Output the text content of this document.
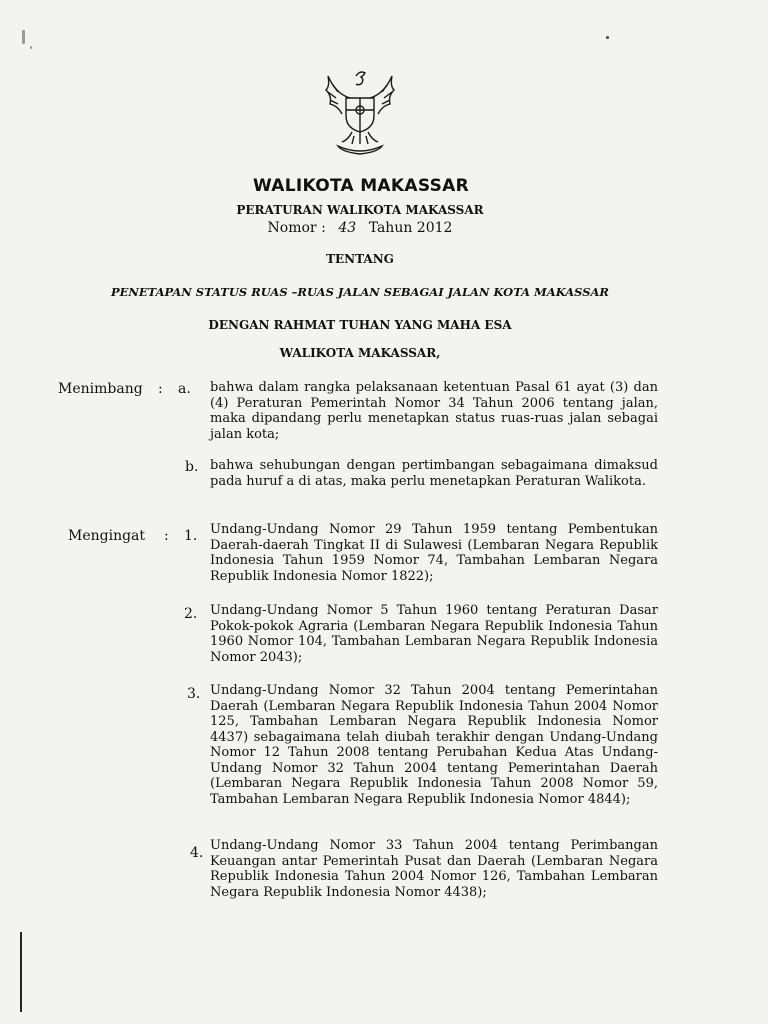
WALIKOTA MAKASSAR
PERATURAN WALIKOTA MAKASSAR
Nomor : 43 Tahun 2012
TENTANG
PENETAPAN STATUS RUAS –RUAS JALAN SEBAGAI JALAN KOTA MAKASSAR
DENGAN RAHMAT TUHAN YANG MAHA ESA
WALIKOTA MAKASSAR,
Menimbang : a. bahwa dalam rangka pelaksanaan ketentuan Pasal 61 ayat (3) dan (4) Peraturan Pemerintah Nomor 34 Tahun 2006 tentang jalan, maka dipandang perlu menetapkan status ruas-ruas jalan sebagai jalan kota;
b. bahwa sehubungan dengan pertimbangan sebagaimana dimaksud pada huruf a di atas, maka perlu menetapkan Peraturan Walikota.
Mengingat : 1. Undang-Undang Nomor 29 Tahun 1959 tentang Pembentukan Daerah-daerah Tingkat II di Sulawesi (Lembaran Negara Republik Indonesia Tahun 1959 Nomor 74, Tambahan Lembaran Negara Republik Indonesia Nomor 1822);
2. Undang-Undang Nomor 5 Tahun 1960 tentang Peraturan Dasar Pokok-pokok Agraria (Lembaran Negara Republik Indonesia Tahun 1960 Nomor 104, Tambahan Lembaran Negara Republik Indonesia Nomor 2043);
3. Undang-Undang Nomor 32 Tahun 2004 tentang Pemerintahan Daerah (Lembaran Negara Republik Indonesia Tahun 2004 Nomor 125, Tambahan Lembaran Negara Republik Indonesia Nomor 4437) sebagaimana telah diubah terakhir dengan Undang-Undang Nomor 12 Tahun 2008 tentang Perubahan Kedua Atas Undang-Undang Nomor 32 Tahun 2004 tentang Pemerintahan Daerah (Lembaran Negara Republik Indonesia Tahun 2008 Nomor 59, Tambahan Lembaran Negara Republik Indonesia Nomor 4844);
4. Undang-Undang Nomor 33 Tahun 2004 tentang Perimbangan Keuangan antar Pemerintah Pusat dan Daerah (Lembaran Negara Republik Indonesia Tahun 2004 Nomor 126, Tambahan Lembaran Negara Republik Indonesia Nomor 4438);
